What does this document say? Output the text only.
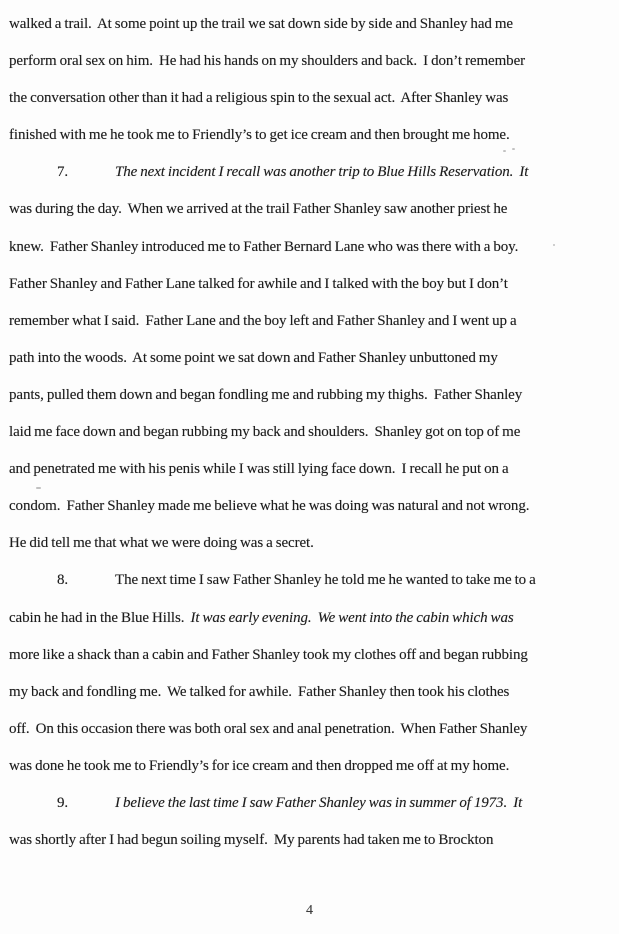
walked a trail.  At some point up the trail we sat down side by side and Shanley had me
perform oral sex on him.  He had his hands on my shoulders and back.  I don’t remember
the conversation other than it had a religious spin to the sexual act.  After Shanley was
finished with me he took me to Friendly’s to get ice cream and then brought me home.
7.	The next incident I recall was another trip to Blue Hills Reservation.  It
was during the day.  When we arrived at the trail Father Shanley saw another priest he
knew.  Father Shanley introduced me to Father Bernard Lane who was there with a boy.
Father Shanley and Father Lane talked for awhile and I talked with the boy but I don’t
remember what I said.  Father Lane and the boy left and Father Shanley and I went up a
path into the woods.  At some point we sat down and Father Shanley unbuttoned my
pants, pulled them down and began fondling me and rubbing my thighs.  Father Shanley
laid me face down and began rubbing my back and shoulders.  Shanley got on top of me
and penetrated me with his penis while I was still lying face down.  I recall he put on a
condom.  Father Shanley made me believe what he was doing was natural and not wrong.
He did tell me that what we were doing was a secret.
8.	The next time I saw Father Shanley he told me he wanted to take me to a
cabin he had in the Blue Hills.  It was early evening.  We went into the cabin which was
more like a shack than a cabin and Father Shanley took my clothes off and began rubbing
my back and fondling me.  We talked for awhile.  Father Shanley then took his clothes
off.  On this occasion there was both oral sex and anal penetration.  When Father Shanley
was done he took me to Friendly’s for ice cream and then dropped me off at my home.
9.	I believe the last time I saw Father Shanley was in summer of 1973.  It
was shortly after I had begun soiling myself.  My parents had taken me to Brockton
4
